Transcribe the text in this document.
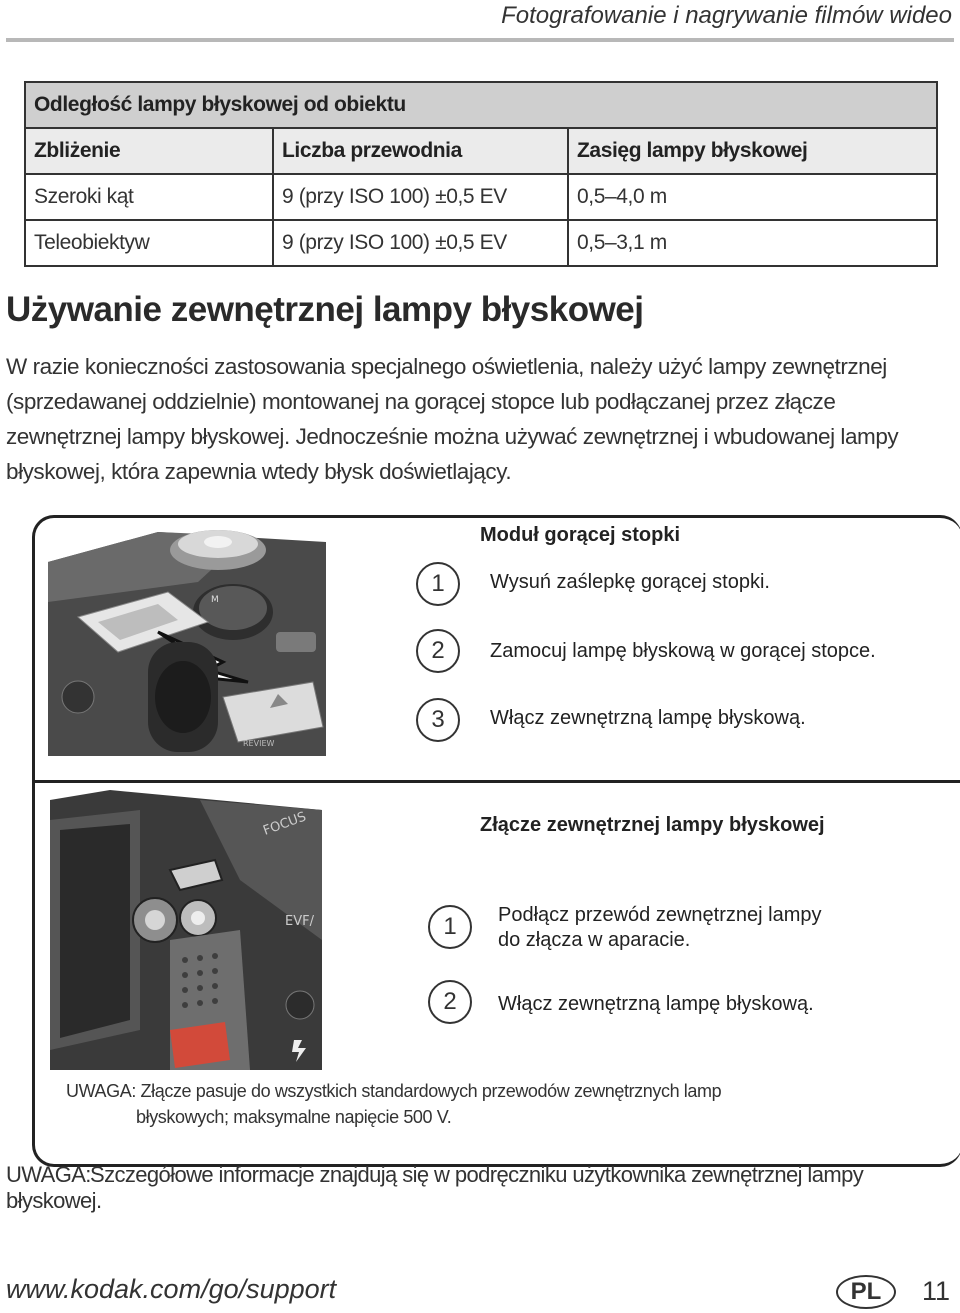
Fotografowanie i nagrywanie filmów wideo
Odległość lampy błyskowej od obiektu		
Zbliżenie	Liczba przewodnia	Zasięg lampy błyskowej
Szeroki kąt	9 (przy ISO 100) ±0,5 EV	0,5–4,0 m
Teleobiektyw	9 (przy ISO 100) ±0,5 EV	0,5–3,1 m
Używanie zewnętrznej lampy błyskowej
W razie konieczności zastosowania specjalnego oświetlenia, należy użyć lampy zewnętrznej
(sprzedawanej oddzielnie) montowanej na gorącej stopce lub podłączanej przez złącze
zewnętrznej lampy błyskowej. Jednocześnie można używać zewnętrznej i wbudowanej lampy
błyskowej, która zapewnia wtedy błysk doświetlający.
M
REVIEW
Moduł gorącej stopki
1	Wysuń zaślepkę gorącej stopki.
2	Zamocuj lampę błyskową w gorącej stopce.
3	Włącz zewnętrzną lampę błyskową.
FOCUS
EVF/
Złącze zewnętrznej lampy błyskowej
1	Podłącz przewód zewnętrznej lampy
do złącza w aparacie.
2	Włącz zewnętrzną lampę błyskową.
UWAGA: Złącze pasuje do wszystkich standardowych przewodów zewnętrznych lamp
błyskowych; maksymalne napięcie 500 V.
UWAGA:Szczegółowe informacje znajdują się w podręczniku użytkownika zewnętrznej lampy błyskowej.
www.kodak.com/go/support	PL	11
